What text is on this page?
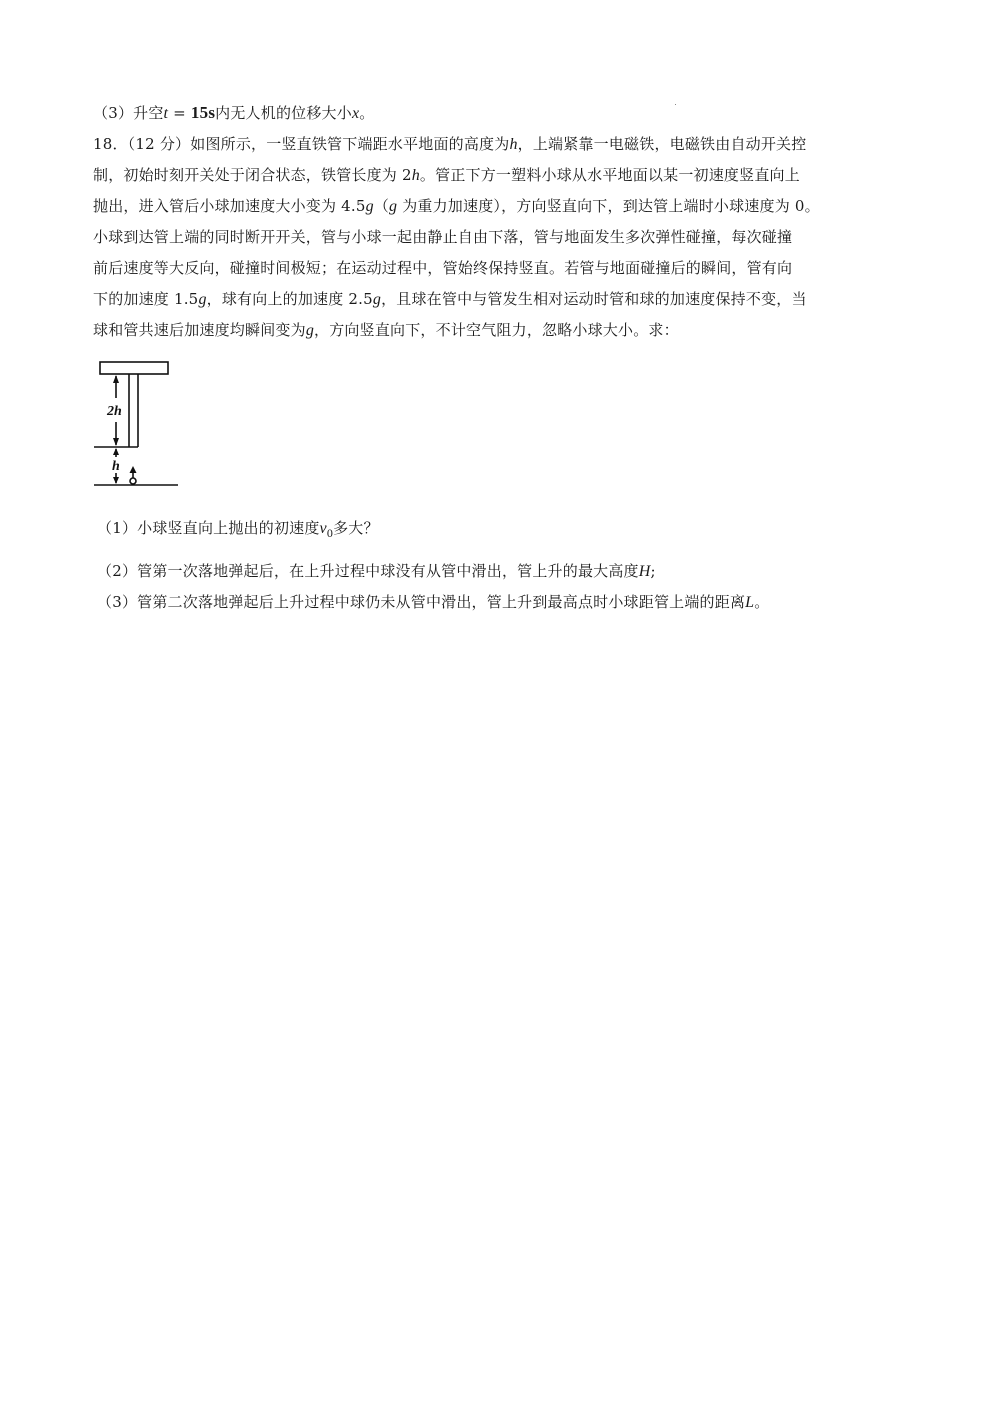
（3）升空t = 15s内无人机的位移大小x。
18．（12 分）如图所示，一竖直铁管下端距水平地面的高度为h，上端紧靠一电磁铁，电磁铁由自动开关控
制，初始时刻开关处于闭合状态，铁管长度为 2h。管正下方一塑料小球从水平地面以某一初速度竖直向上
抛出，进入管后小球加速度大小变为 4.5g（g 为重力加速度），方向竖直向下，到达管上端时小球速度为 0。
小球到达管上端的同时断开开关，管与小球一起由静止自由下落，管与地面发生多次弹性碰撞，每次碰撞
前后速度等大反向，碰撞时间极短；在运动过程中，管始终保持竖直。若管与地面碰撞后的瞬间，管有向
下的加速度 1.5g，球有向上的加速度 2.5g，且球在管中与管发生相对运动时管和球的加速度保持不变，当
球和管共速后加速度均瞬间变为g，方向竖直向下，不计空气阻力，忽略小球大小。求：
2h
h
（1）小球竖直向上抛出的初速度$v_0$多大？
（2）管第一次落地弹起后，在上升过程中球没有从管中滑出，管上升的最大高度H;
（3）管第二次落地弹起后上升过程中球仍未从管中滑出，管上升到最高点时小球距管上端的距离L。
